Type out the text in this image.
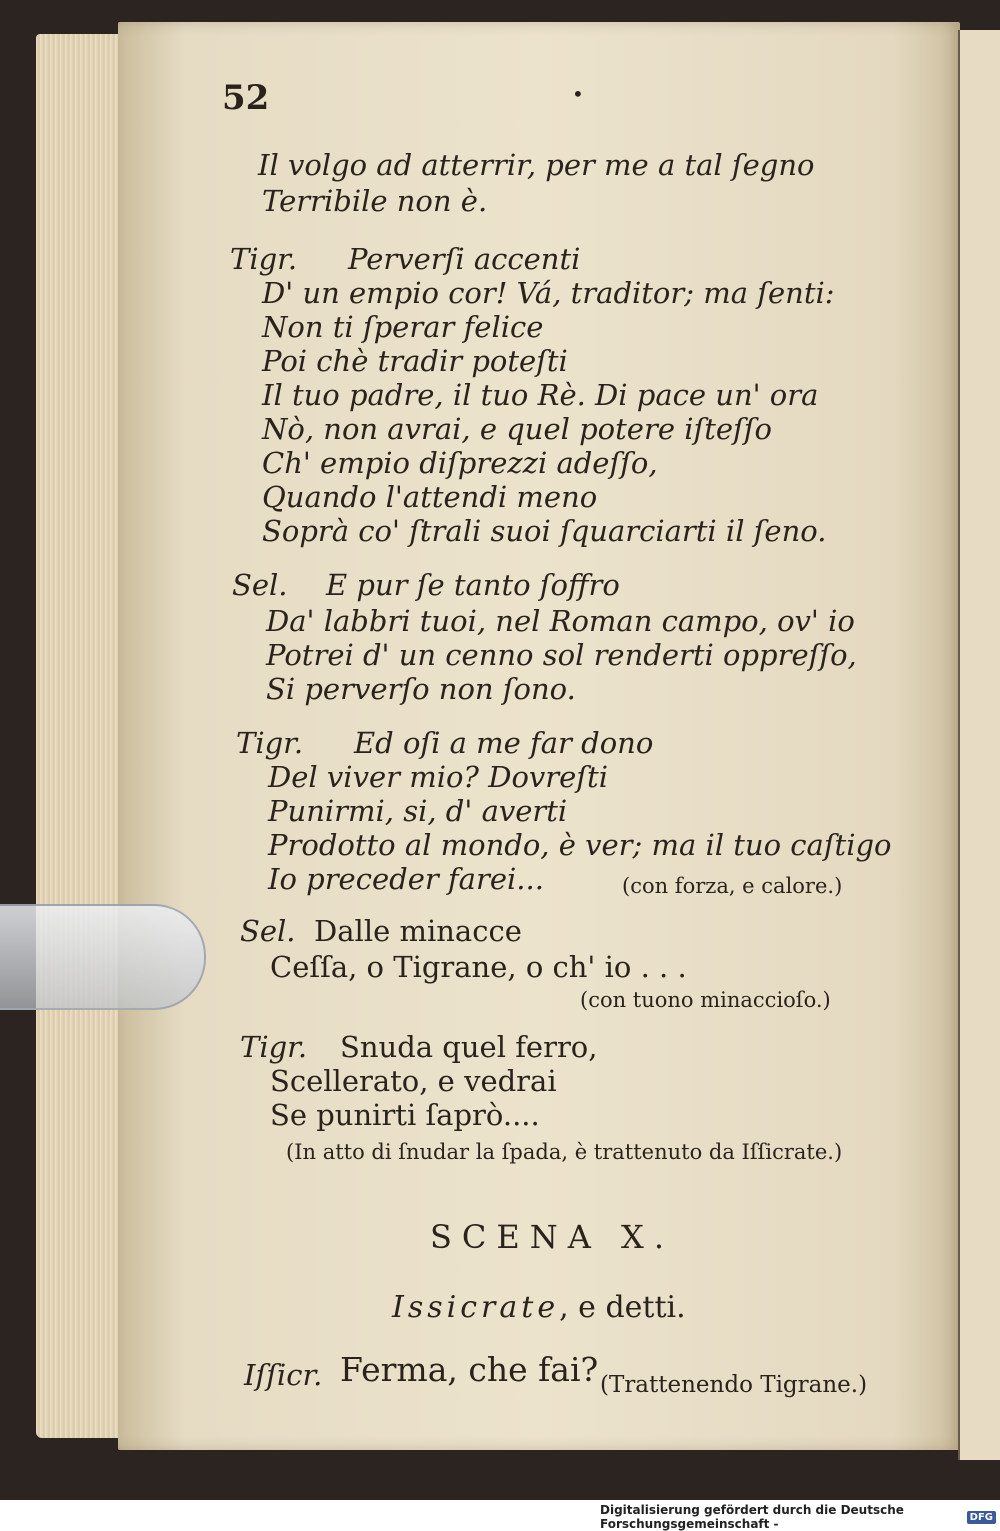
52	•
Il volgo ad atterrir, per me a tal ſegno
Terribile non è.
Tigr. Perverſi accenti
D' un empio cor! Vá, traditor; ma ſenti:
Non ti ſperar felice
Poi chè tradir poteſti
Il tuo padre, il tuo Rè. Di pace un' ora
Nò, non avrai, e quel potere iſteſſo
Ch' empio diſprezzi adeſſo,
Quando l'attendi meno
Soprà co' ſtrali suoi ſquarciarti il ſeno.
Sel. E pur ſe tanto ſoffro
Da' labbri tuoi, nel Roman campo, ov' io
Potrei d' un cenno sol renderti oppreſſo,
Si perverſo non ſono.
Tigr. Ed oſi a me far dono
Del viver mio? Dovreſti
Punirmi, si, d' averti
Prodotto al mondo, è ver; ma il tuo caſtigo
Io preceder farei...	(con forza, e calore.)
Sel. Dalle minacce
Ceſſa, o Tigrane, o ch' io . . .
(con tuono minaccioſo.)
Tigr. Snuda quel ferro,
Scellerato, e vedrai
Se punirti ſaprò....
(In atto di ſnudar la ſpada, è trattenuto da Iſſicrate.)
SCENA X.
Issicrate, e detti.
Iſſicr. Ferma, che fai? (Trattenendo Tigrane.)
Digitalisierung gefördert durch die Deutsche Forschungsgemeinschaft -	DFG
